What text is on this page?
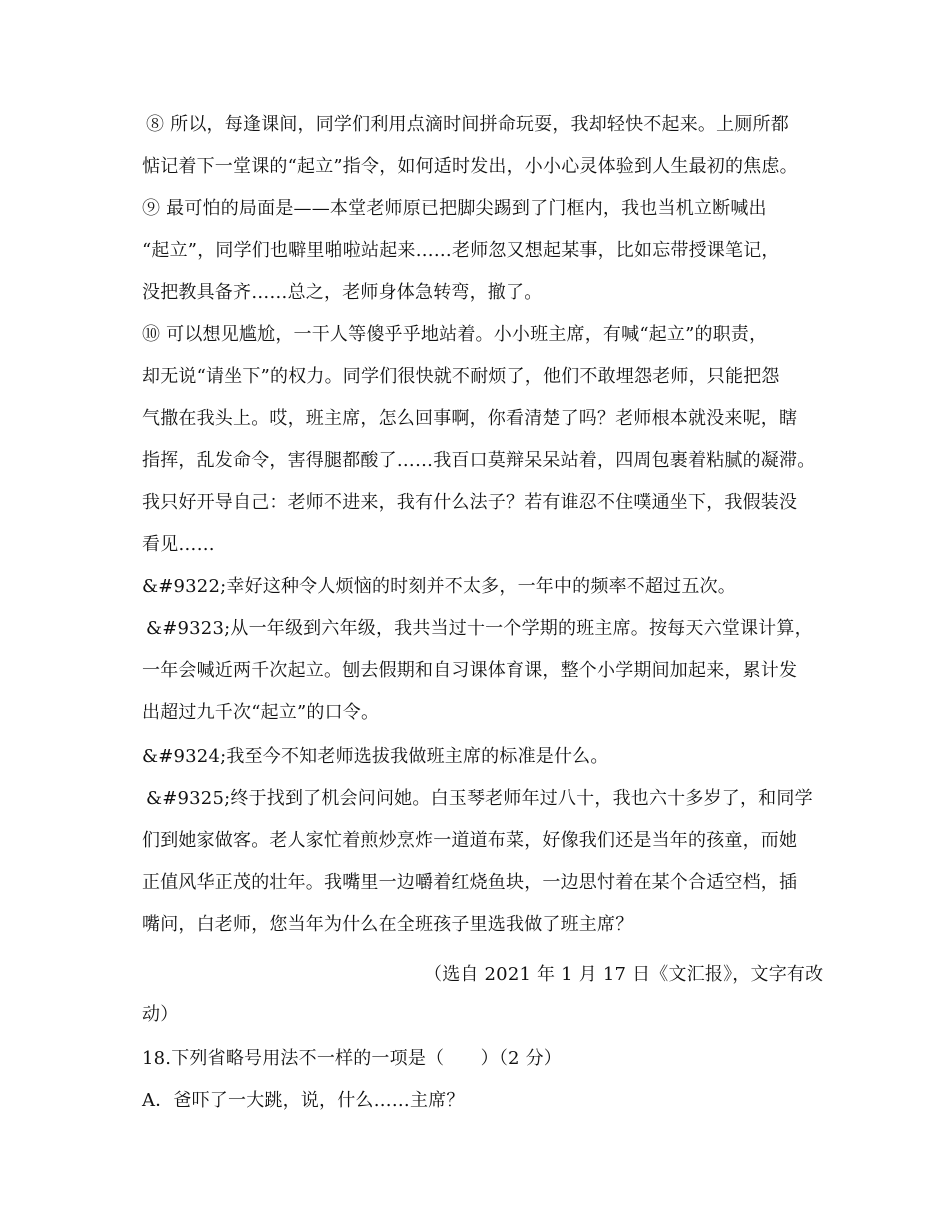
⑧ 所以，每逢课间，同学们利用点滴时间拼命玩耍，我却轻快不起来。上厕所都
惦记着下一堂课的“起立”指令，如何适时发出，小小心灵体验到人生最初的焦虑。
⑨ 最可怕的局面是——本堂老师原已把脚尖踢到了门框内，我也当机立断喊出
“起立”，同学们也噼里啪啦站起来……老师忽又想起某事，比如忘带授课笔记，
没把教具备齐……总之，老师身体急转弯，撤了。
⑩ 可以想见尴尬，一干人等傻乎乎地站着。小小班主席，有喊“起立”的职责，
却无说“请坐下”的权力。同学们很快就不耐烦了，他们不敢埋怨老师，只能把怨
气撒在我头上。哎，班主席，怎么回事啊，你看清楚了吗？老师根本就没来呢，瞎
指挥，乱发命令，害得腿都酸了……我百口莫辩呆呆站着，四周包裹着粘腻的凝滞。
我只好开导自己：老师不进来，我有什么法子？若有谁忍不住噗通坐下，我假装没
看见……
&#9322;幸好这种令人烦恼的时刻并不太多，一年中的频率不超过五次。
&#9323;从一年级到六年级，我共当过十一个学期的班主席。按每天六堂课计算，
一年会喊近两千次起立。刨去假期和自习课体育课，整个小学期间加起来，累计发
出超过九千次“起立”的口令。
&#9324;我至今不知老师选拔我做班主席的标准是什么。
&#9325;终于找到了机会问问她。白玉琴老师年过八十，我也六十多岁了，和同学
们到她家做客。老人家忙着煎炒烹炸一道道布菜，好像我们还是当年的孩童，而她
正值风华正茂的壮年。我嘴里一边嚼着红烧鱼块，一边思忖着在某个合适空档，插
嘴问，白老师，您当年为什么在全班孩子里选我做了班主席？
（选自 2021 年 1 月 17 日《文汇报》，文字有改
动）
18.下列省略号用法不一样的一项是（　　）（2 分）
A．爸吓了一大跳，说，什么……主席？
